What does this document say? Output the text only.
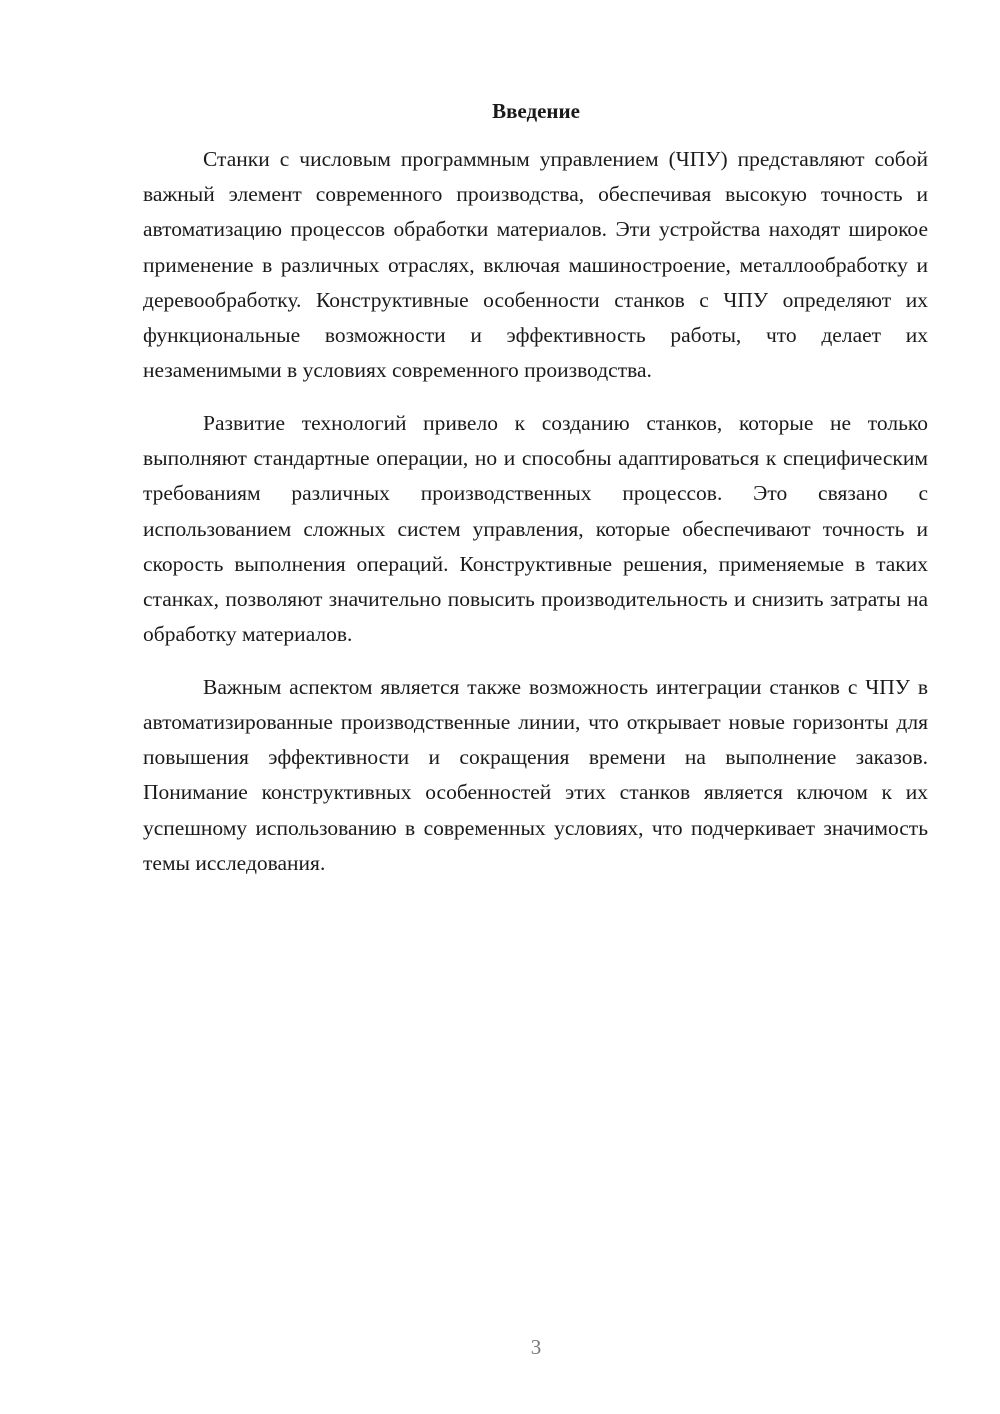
Введение

Станки с числовым программным управлением (ЧПУ) представляют собой важный элемент современного производства, обеспечивая высокую точность и автоматизацию процессов обработки материалов. Эти устройства находят широкое применение в различных отраслях, включая машиностроение, металлообработку и деревообработку. Конструктивные особенности станков с ЧПУ определяют их функциональные возможности и эффективность работы, что делает их незаменимыми в условиях современного производства.

Развитие технологий привело к созданию станков, которые не только выполняют стандартные операции, но и способны адаптироваться к специфическим требованиям различных производственных процессов. Это связано с использованием сложных систем управления, которые обеспечивают точность и скорость выполнения операций. Конструктивные решения, применяемые в таких станках, позволяют значительно повысить производительность и снизить затраты на обработку материалов.

Важным аспектом является также возможность интеграции станков с ЧПУ в автоматизированные производственные линии, что открывает новые горизонты для повышения эффективности и сокращения времени на выполнение заказов. Понимание конструктивных особенностей этих станков является ключом к их успешному использованию в современных условиях, что подчеркивает значимость темы исследования.

3
